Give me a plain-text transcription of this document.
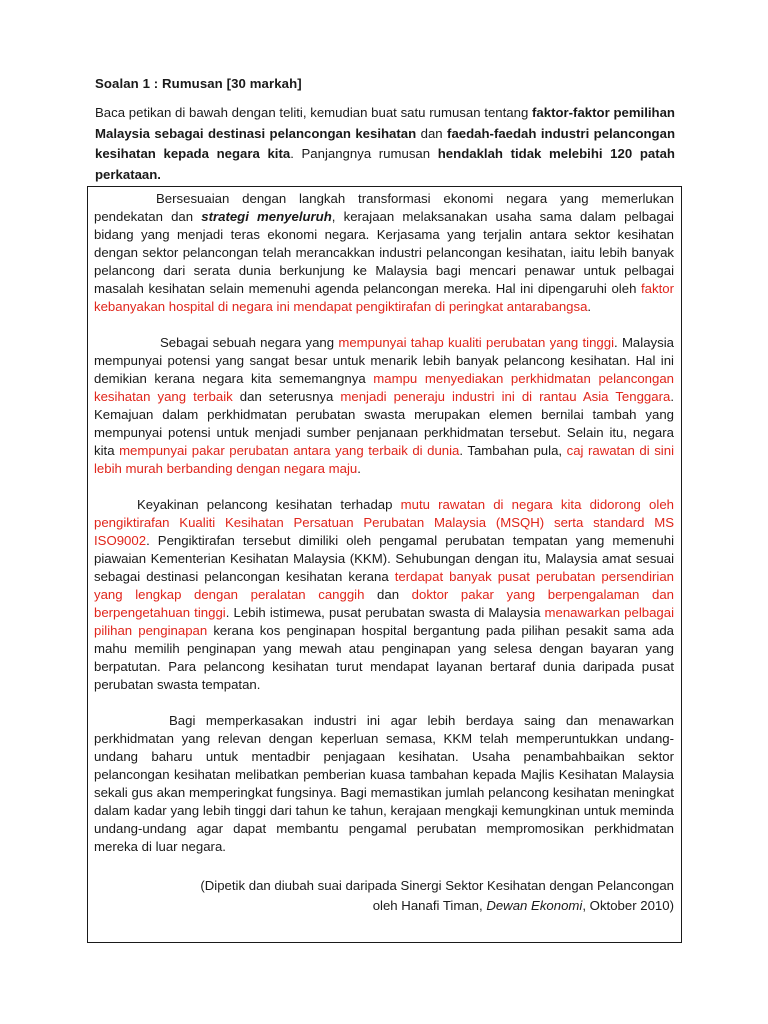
Soalan 1 : Rumusan [30 markah]
Baca petikan di bawah dengan teliti, kemudian buat satu rumusan tentang faktor-faktor pemilihan Malaysia sebagai destinasi pelancongan kesihatan dan faedah-faedah industri pelancongan kesihatan kepada negara kita. Panjangnya rumusan hendaklah tidak melebihi 120 patah perkataan.

Bersesuaian dengan langkah transformasi ekonomi negara yang memerlukan pendekatan dan strategi menyeluruh, kerajaan melaksanakan usaha sama dalam pelbagai bidang yang menjadi teras ekonomi negara. Kerjasama yang terjalin antara sektor kesihatan dengan sektor pelancongan telah merancakkan industri pelancongan kesihatan, iaitu lebih banyak pelancong dari serata dunia berkunjung ke Malaysia bagi mencari penawar untuk pelbagai masalah kesihatan selain memenuhi agenda pelancongan mereka. Hal ini dipengaruhi oleh faktor kebanyakan hospital di negara ini mendapat pengiktirafan di peringkat antarabangsa.

Sebagai sebuah negara yang mempunyai tahap kualiti perubatan yang tinggi. Malaysia mempunyai potensi yang sangat besar untuk menarik lebih banyak pelancong kesihatan. Hal ini demikian kerana negara kita sememangnya mampu menyediakan perkhidmatan pelancongan kesihatan yang terbaik dan seterusnya menjadi peneraju industri ini di rantau Asia Tenggara. Kemajuan dalam perkhidmatan perubatan swasta merupakan elemen bernilai tambah yang mempunyai potensi untuk menjadi sumber penjanaan perkhidmatan tersebut. Selain itu, negara kita mempunyai pakar perubatan antara yang terbaik di dunia. Tambahan pula, caj rawatan di sini lebih murah berbanding dengan negara maju.

Keyakinan pelancong kesihatan terhadap mutu rawatan di negara kita didorong oleh pengiktirafan Kualiti Kesihatan Persatuan Perubatan Malaysia (MSQH) serta standard MS ISO9002. Pengiktirafan tersebut dimiliki oleh pengamal perubatan tempatan yang memenuhi piawaian Kementerian Kesihatan Malaysia (KKM). Sehubungan dengan itu, Malaysia amat sesuai sebagai destinasi pelancongan kesihatan kerana terdapat banyak pusat perubatan persendirian yang lengkap dengan peralatan canggih dan doktor pakar yang berpengalaman dan berpengetahuan tinggi. Lebih istimewa, pusat perubatan swasta di Malaysia menawarkan pelbagai pilihan penginapan kerana kos penginapan hospital bergantung pada pilihan pesakit sama ada mahu memilih penginapan yang mewah atau penginapan yang selesa dengan bayaran yang berpatutan. Para pelancong kesihatan turut mendapat layanan bertaraf dunia daripada pusat perubatan swasta tempatan.

Bagi memperkasakan industri ini agar lebih berdaya saing dan menawarkan perkhidmatan yang relevan dengan keperluan semasa, KKM telah memperuntukkan undang-undang baharu untuk mentadbir penjagaan kesihatan. Usaha penambahbaikan sektor pelancongan kesihatan melibatkan pemberian kuasa tambahan kepada Majlis Kesihatan Malaysia sekali gus akan memperingkat fungsinya. Bagi memastikan jumlah pelancong kesihatan meningkat dalam kadar yang lebih tinggi dari tahun ke tahun, kerajaan mengkaji kemungkinan untuk meminda undang-undang agar dapat membantu pengamal perubatan mempromosikan perkhidmatan mereka di luar negara.

(Dipetik dan diubah suai daripada Sinergi Sektor Kesihatan dengan Pelancongan
oleh Hanafi Timan, Dewan Ekonomi, Oktober 2010)
